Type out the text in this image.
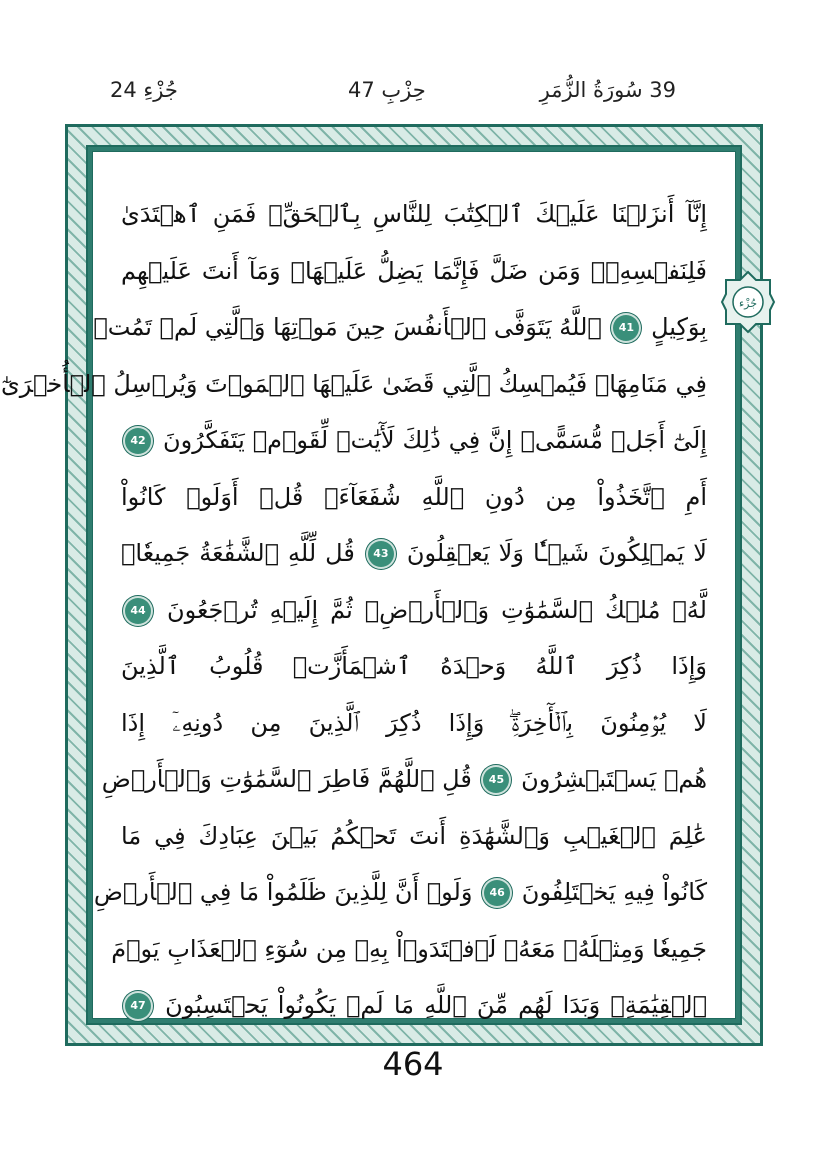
جُزْءِ 24	حِزْبِ 47	39 سُورَةُ الزُّمَرِ
إِنَّآ أَنزَلۡنَا عَلَيۡكَ ٱلۡكِتَٰبَ لِلنَّاسِ بِٱلۡحَقِّۖ فَمَنِ ٱهۡتَدَىٰ
فَلِنَفۡسِهِۦۖ وَمَن ضَلَّ فَإِنَّمَا يَضِلُّ عَلَيۡهَاۖ وَمَآ أَنتَ عَلَيۡهِم
بِوَكِيلٍ 41 ٱللَّهُ يَتَوَفَّى ٱلۡأَنفُسَ حِينَ مَوۡتِهَا وَٱلَّتِي لَمۡ تَمُتۡ
فِي مَنَامِهَاۖ فَيُمۡسِكُ ٱلَّتِي قَضَىٰ عَلَيۡهَا ٱلۡمَوۡتَ وَيُرۡسِلُ ٱلۡأُخۡرَىٰٓ
إِلَىٰٓ أَجَلٖ مُّسَمًّىۚ إِنَّ فِي ذَٰلِكَ لَأٓيَٰتٖ لِّقَوۡمٖ يَتَفَكَّرُونَ 42
أَمِ ٱتَّخَذُواْ مِن دُونِ ٱللَّهِ شُفَعَآءَۚ قُلۡ أَوَلَوۡ كَانُواْ
لَا يَمۡلِكُونَ شَيۡـٔٗا وَلَا يَعۡقِلُونَ 43 قُل لِّلَّهِ ٱلشَّفَٰعَةُ جَمِيعٗاۖ
لَّهُۥ مُلۡكُ ٱلسَّمَٰوَٰتِ وَٱلۡأَرۡضِۖ ثُمَّ إِلَيۡهِ تُرۡجَعُونَ 44
وَإِذَا ذُكِرَ ٱللَّهُ وَحۡدَهُ ٱشۡمَأَزَّتۡ قُلُوبُ ٱلَّذِينَ
لَا يُؤۡمِنُونَ بِٱلۡأٓخِرَةِۖ وَإِذَا ذُكِرَ ٱلَّذِينَ مِن دُونِهِۦٓ إِذَا
هُمۡ يَسۡتَبۡشِرُونَ 45 قُلِ ٱللَّهُمَّ فَاطِرَ ٱلسَّمَٰوَٰتِ وَٱلۡأَرۡضِ
عَٰلِمَ ٱلۡغَيۡبِ وَٱلشَّهَٰدَةِ أَنتَ تَحۡكُمُ بَيۡنَ عِبَادِكَ فِي مَا
كَانُواْ فِيهِ يَخۡتَلِفُونَ 46 وَلَوۡ أَنَّ لِلَّذِينَ ظَلَمُواْ مَا فِي ٱلۡأَرۡضِ
جَمِيعٗا وَمِثۡلَهُۥ مَعَهُۥ لَٱفۡتَدَوۡاْ بِهِۦ مِن سُوٓءِ ٱلۡعَذَابِ يَوۡمَ
ٱلۡقِيَٰمَةِۚ وَبَدَا لَهُم مِّنَ ٱللَّهِ مَا لَمۡ يَكُونُواْ يَحۡتَسِبُونَ 47
جُزْء
464
